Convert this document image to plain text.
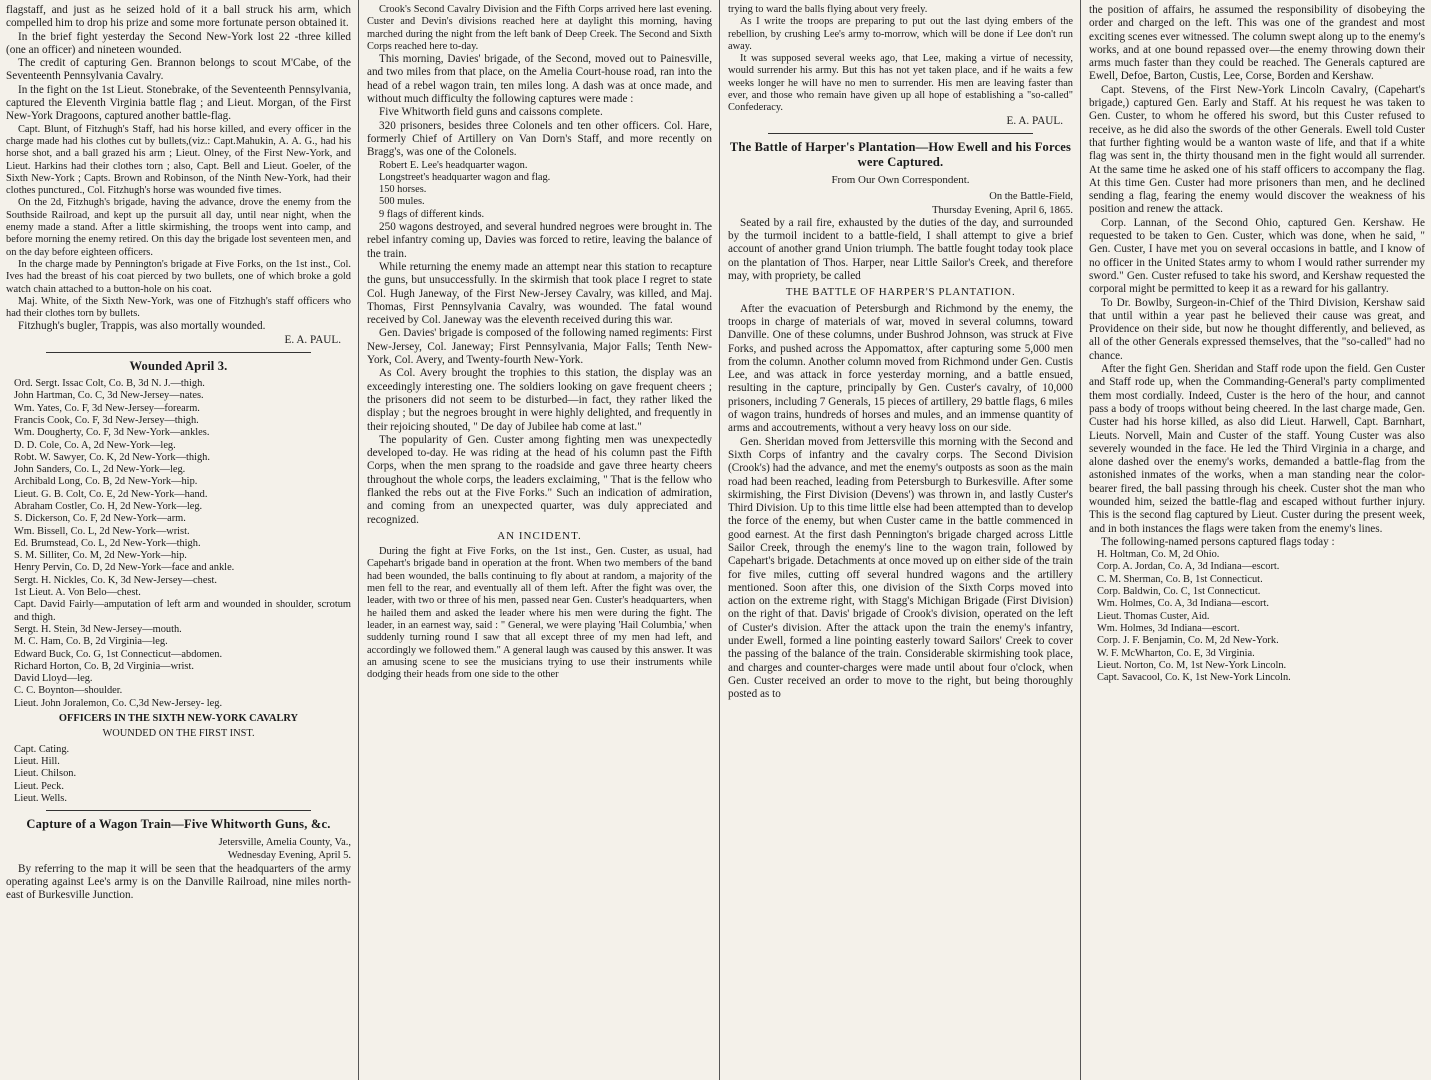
flagstaff, and just as he seized hold of it a ball struck his arm, which compelled him to drop his prize and some more fortunate person obtained it.

In the brief fight yesterday the Second New-York lost 22 -three killed (one an officer) and nineteen wounded.

The credit of capturing Gen. Brannon belongs to scout M'Cabe, of the Seventeenth Pennsylvania Cavalry.

In the fight on the 1st Lieut. Stonebrake, of the Seventeenth Pennsylvania, captured the Eleventh Virginia battle flag ; and Lieut. Morgan, of the First New-York Dragoons, captured another battle-flag.

Capt. Blunt, of Fitzhugh's Staff, had his horse killed, and every officer in the charge made had his clothes cut by bullets,(viz.: Capt.Mahukin, A. A. G., had his horse shot, and a ball grazed his arm ; Lieut. Olney, of the First New-York, and Lieut. Harkins had their clothes torn ; also, Capt. Bell and Lieut. Goeler, of the Sixth New-York ; Capts. Brown and Robinson, of the Ninth New-York, had their clothes punctured., Col. Fitzhugh's horse was wounded five times.

On the 2d, Fitzhugh's brigade, having the advance, drove the enemy from the Southside Railroad, and kept up the pursuit all day, until near night, when the enemy made a stand. After a little skirmishing, the troops went into camp, and before morning the enemy retired. On this day the brigade lost seventeen men, and on the day before eighteen officers.

In the charge made by Pennington's brigade at Five Forks, on the 1st inst., Col. Ives had the breast of his coat pierced by two bullets, one of which broke a gold watch chain attached to a button-hole on his coat.

Maj. White, of the Sixth New-York, was one of Fitzhugh's staff officers who had their clothes torn by bullets.

Fitzhugh's bugler, Trappis, was also mortally wounded.

E. A. PAUL.
Wounded April 3.
Ord. Sergt. Issac Colt, Co. B, 3d N. J.—thigh.
John Hartman, Co. C, 3d New-Jersey—nates.
Wm. Yates, Co. F, 3d New-Jersey—forearm.
Francis Cook, Co. F, 3d New-Jersey—thigh.
Wm. Dougherty, Co. F, 3d New-York—ankles.
D. D. Cole, Co. A, 2d New-York—leg.
Robt. W. Sawyer, Co. K, 2d New-York—thigh.
John Sanders, Co. L, 2d New-York—leg.
Archibald Long, Co. B, 2d New-York—hip.
Lieut. G. B. Colt, Co. E, 2d New-York—hand.
Abraham Costler, Co. H, 2d New-York—leg.
S. Dickerson, Co. F, 2d New-York—arm.
Wm. Bissell, Co. L, 2d New-York—wrist.
Ed. Brumstead, Co. L, 2d New-York—thigh.
S. M. Silliter, Co. M, 2d New-York—hip.
Henry Pervin, Co. D, 2d New-York—face and ankle.
Sergt. H. Nickles, Co. K, 3d New-Jersey—chest.
1st Lieut. A. Von Belo—chest.
Capt. David Fairly—amputation of left arm and wounded in shoulder, scrotum and thigh.
Sergt. H. Stein, 3d New-Jersey—mouth.
M. C. Ham, Co. B, 2d Virginia—leg.
Edward Buck, Co. G, 1st Connecticut—abdomen.
Richard Horton, Co. B, 2d Virginia—wrist.
David Lloyd—leg.
C. C. Boynton—shoulder.
Lieut. John Joralemon, Co. C,3d New-Jersey- leg.
OFFICERS IN THE SIXTH NEW-YORK CAVALRY
WOUNDED ON THE FIRST INST.
Capt. Cating.
Lieut. Hill.
Lieut. Chilson.
Lieut. Peck.
Lieut. Wells.
Capture of a Wagon Train—Five Whitworth Guns, &c.
Jetersville, Amelia County, Va.,
Wednesday Evening, April 5.

By referring to the map it will be seen that the headquarters of the army operating against Lee's army is on the Danville Railroad, nine miles north-east of Burkesville Junction.

Crook's Second Cavalry Division and the Fifth Corps arrived here last evening. Custer and Devin's divisions reached here at daylight this morning, having marched during the night from the left bank of Deep Creek. The Second and Sixth Corps reached here to-day.

This morning, Davies' brigade, of the Second, moved out to Painesville, and two miles from that place, on the Amelia Court-house road, ran into the head of a rebel wagon train, ten miles long. A dash was at once made, and without much difficulty the following captures were made :

Five Whitworth field guns and caissons complete.

320 prisoners, besides three Colonels and ten other officers. Col. Hare, formerly Chief of Artillery on Van Dorn's Staff, and more recently on Bragg's, was one of the Colonels.

Robert E. Lee's headquarter wagon.

Longstreet's headquarter wagon and flag.

150 horses.

500 mules.

9 flags of different kinds.

250 wagons destroyed, and several hundred negroes were brought in. The rebel infantry coming up, Davies was forced to retire, leaving the balance of the train.

While returning the enemy made an attempt near this station to recapture the guns, but unsuccessfully. In the skirmish that took place I regret to state Col. Hugh Janeway, of the First New-Jersey Cavalry, was killed, and Maj. Thomas, First Pennsylvania Cavalry, was wounded. The fatal wound received by Col. Janeway was the eleventh received during this war.

Gen. Davies' brigade is composed of the following named regiments: First New-Jersey, Col. Janeway; First Pennsylvania, Major Falls; Tenth New-York, Col. Avery, and Twenty-fourth New-York.

As Col. Avery brought the trophies to this station, the display was an exceedingly interesting one. The soldiers looking on gave frequent cheers ; the prisoners did not seem to be disturbed—in fact, they rather liked the display ; but the negroes brought in were highly delighted, and frequently in their rejoicing shouted, " De day of Jubilee hab come at last."

The popularity of Gen. Custer among fighting men was unexpectedly developed to-day. He was riding at the head of his column past the Fifth Corps, when the men sprang to the roadside and gave three hearty cheers throughout the whole corps, the leaders exclaiming, " That is the fellow who flanked the rebs out at the Five Forks." Such an indication of admiration, and coming from an unexpected quarter, was duly appreciated and recognized.

AN INCIDENT.

During the fight at Five Forks, on the 1st inst., Gen. Custer, as usual, had Capehart's brigade band in operation at the front. When two members of the band had been wounded, the balls continuing to fly about at random, a majority of the men fell to the rear, and eventually all of them left. After the fight was over, the leader, with two or three of his men, passed near Gen. Custer's headquarters, when he hailed them and asked the leader where his men were during the fight. The leader, in an earnest way, said : " General, we were playing 'Hail Columbia,' when suddenly turning round I saw that all except three of my men had left, and accordingly we followed them." A general laugh was caused by this answer. It was an amusing scene to see the musicians trying to use their instruments while dodging their heads from one side to the other

trying to ward the balls flying about very freely.

As I write the troops are preparing to put out the last dying embers of the rebellion, by crushing Lee's army to-morrow, which will be done if Lee don't run away.

It was supposed several weeks ago, that Lee, making a virtue of necessity, would surrender his army. But this has not yet taken place, and if he waits a few weeks longer he will have no men to surrender. His men are leaving faster than ever, and those who remain have given up all hope of establishing a "so-called" Confederacy.

E. A. PAUL.
The Battle of Harper's Plantation—How Ewell and his Forces were Captured.
From Our Own Correspondent.
On the Battle-Field,
Thursday Evening, April 6, 1865.

Seated by a rail fire, exhausted by the duties of the day, and surrounded by the turmoil incident to a battle-field, I shall attempt to give a brief account of another grand Union triumph. The battle fought today took place on the plantation of Thos. Harper, near Little Sailor's Creek, and therefore may, with propriety, be called

THE BATTLE OF HARPER'S PLANTATION.

After the evacuation of Petersburgh and Richmond by the enemy, the troops in charge of materials of war, moved in several columns, toward Danville. One of these columns, under Bushrod Johnson, was struck at Five Forks, and pushed across the Appomattox, after capturing some 5,000 men from the column. Another column moved from Richmond under Gen. Custis Lee, and was attack in force yesterday morning, and a battle ensued, resulting in the capture, principally by Gen. Custer's cavalry, of 10,000 prisoners, including 7 Generals, 15 pieces of artillery, 29 battle flags, 6 miles of wagon trains, hundreds of horses and mules, and an immense quantity of arms and accoutrements, without a very heavy loss on our side.

Gen. Sheridan moved from Jettersville this morning with the Second and Sixth Corps of infantry and the cavalry corps. The Second Division (Crook's) had the advance, and met the enemy's outposts as soon as the main road had been reached, leading from Petersburgh to Burkesville. After some skirmishing, the First Division (Devens') was thrown in, and lastly Custer's Third Division. Up to this time little else had been attempted than to develop the force of the enemy, but when Custer came in the battle commenced in good earnest. At the first dash Pennington's brigade charged across Little Sailor Creek, through the enemy's line to the wagon train, followed by Capehart's brigade. Detachments at once moved up on either side of the train for five miles, cutting off several hundred wagons and the artillery mentioned. Soon after this, one division of the Sixth Corps moved into action on the extreme right, with Stagg's Michigan Brigade (First Division) on the right of that. Davis' brigade of Crook's division, operated on the left of Custer's division. After the attack upon the train the enemy's infantry, under Ewell, formed a line pointing easterly toward Sailors' Creek to cover the passing of the balance of the train. Considerable skirmishing took place, and charges and counter-charges were made until about four o'clock, when Gen. Custer received an order to move to the right, but being thoroughly posted as to

the position of affairs, he assumed the responsibility of disobeying the order and charged on the left. This was one of the grandest and most exciting scenes ever witnessed. The column swept along up to the enemy's works, and at one bound repassed over—the enemy throwing down their arms much faster than they could be reached. The Generals captured are Ewell, Defoe, Barton, Custis, Lee, Corse, Borden and Kershaw.

Capt. Stevens, of the First New-York Lincoln Cavalry, (Capehart's brigade,) captured Gen. Early and Staff. At his request he was taken to Gen. Custer, to whom he offered his sword, but this Custer refused to receive, as he did also the swords of the other Generals. Ewell told Custer that further fighting would be a wanton waste of life, and that if a white flag was sent in, the thirty thousand men in the fight would all surrender. At the same time he asked one of his staff officers to accompany the flag. At this time Gen. Custer had more prisoners than men, and he declined sending a flag, fearing the enemy would discover the weakness of his position and renew the attack.

Corp. Lannan, of the Second Ohio, captured Gen. Kershaw. He requested to be taken to Gen. Custer, which was done, when he said, " Gen. Custer, I have met you on several occasions in battle, and I know of no officer in the United States army to whom I would rather surrender my sword." Gen. Custer refused to take his sword, and Kershaw requested the corporal might be permitted to keep it as a reward for his gallantry.

To Dr. Bowlby, Surgeon-in-Chief of the Third Division, Kershaw said that until within a year past he believed their cause was great, and Providence on their side, but now he thought differently, and believed, as all of the other Generals expressed themselves, that the "so-called" had no chance.

After the fight Gen. Sheridan and Staff rode upon the field. Gen Custer and Staff rode up, when the Commanding-General's party complimented them most cordially. Indeed, Custer is the hero of the hour, and cannot pass a body of troops without being cheered. In the last charge made, Gen. Custer had his horse killed, as also did Lieut. Harwell, Capt. Barnhart, Lieuts. Norvell, Main and Custer of the staff. Young Custer was also severely wounded in the face. He led the Third Virginia in a charge, and alone dashed over the enemy's works, demanded a battle-flag from the astonished inmates of the works, when a man standing near the color-bearer fired, the ball passing through his cheek. Custer shot the man who wounded him, seized the battle-flag and escaped without further injury. This is the second flag captured by Lieut. Custer during the present week, and in both instances the flags were taken from the enemy's lines.

The following-named persons captured flags today :

H. Holtman, Co. M, 2d Ohio.
Corp. A. Jordan, Co. A, 3d Indiana—escort.
C. M. Sherman, Co. B, 1st Connecticut.
Corp. Baldwin, Co. C, 1st Connecticut.
Wm. Holmes, Co. A, 3d Indiana—escort.
Lieut. Thomas Custer, Aid.
Wm. Holmes, 3d Indiana—escort.
Corp. J. F. Benjamin, Co. M, 2d New-York.
W. F. McWharton, Co. E, 3d Virginia.
Lieut. Norton, Co. M, 1st New-York Lincoln.
Capt. Savacool, Co. K, 1st New-York Lincoln.
